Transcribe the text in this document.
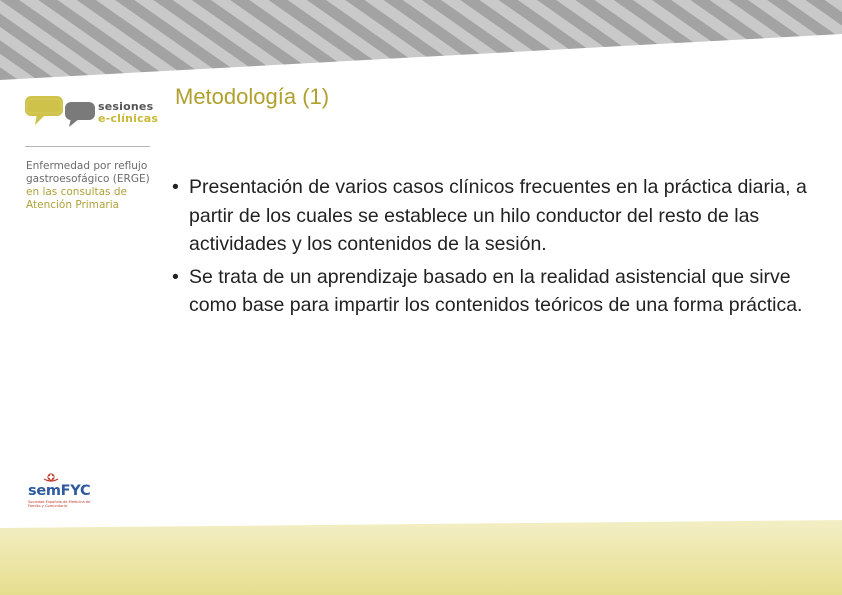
sesiones
e-clínicas
Enfermedad por reflujo
gastroesofágico (ERGE)
en las consultas de
Atención Primaria
Metodología (1)
• Presentación de varios casos clínicos frecuentes en la práctica diaria, a partir de los cuales se establece un hilo conductor del resto de las actividades y los contenidos de la sesión.
• Se trata de un aprendizaje basado en la realidad asistencial que sirve como base para impartir los contenidos teóricos de una forma práctica.
semFYC
Sociedad Española de Medicina de Familia y Comunitaria
